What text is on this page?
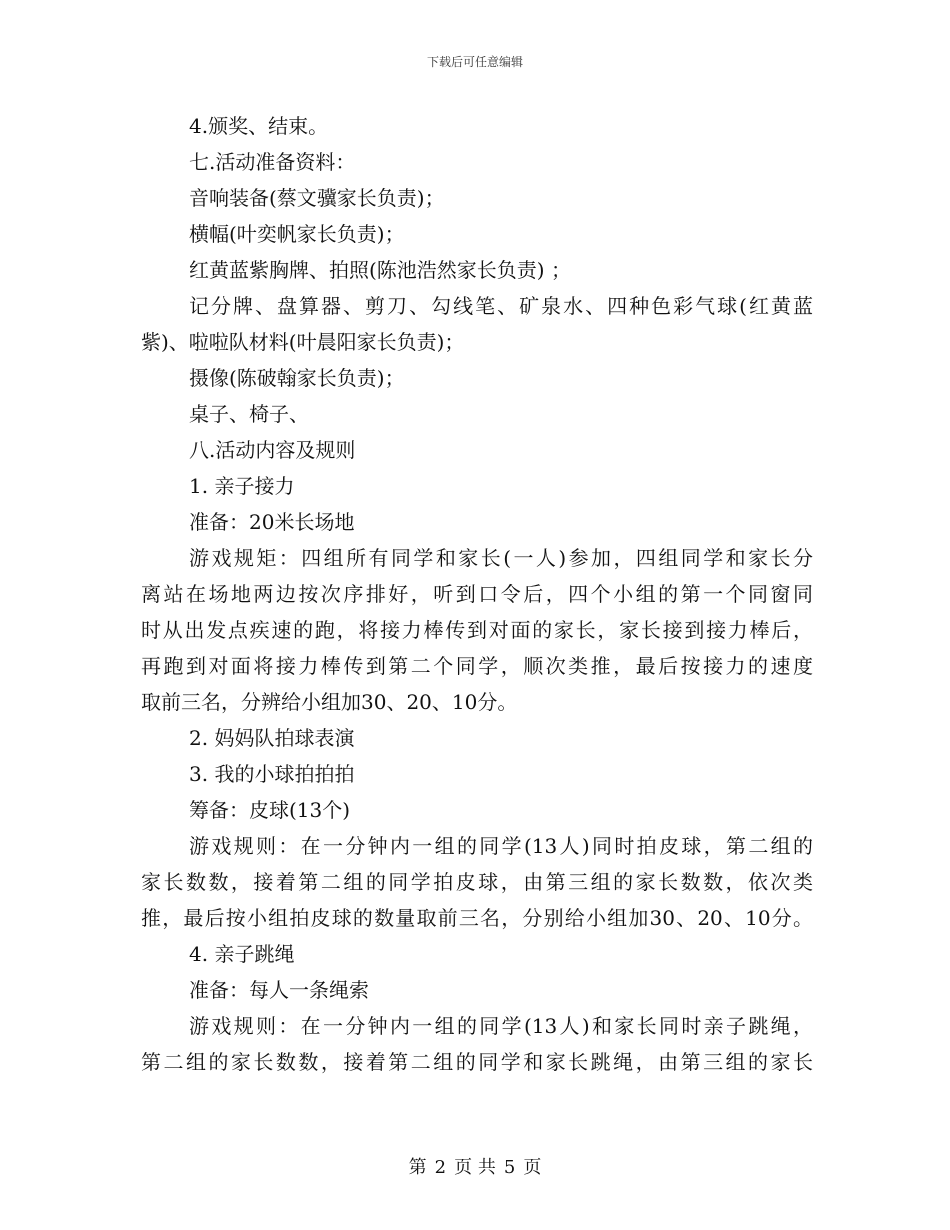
下载后可任意编辑
4.颁奖、结束。
七.活动准备资料：
音响装备(蔡文骥家长负责)；
横幅(叶奕帆家长负责)；
红黄蓝紫胸牌、拍照(陈池浩然家长负责) ；
记分牌、盘算器、剪刀、勾线笔、矿泉水、四种色彩气球(红黄蓝
紫)、啦啦队材料(叶晨阳家长负责)；
摄像(陈破翰家长负责)；
桌子、椅子、
八.活动内容及规则
1. 亲子接力
准备：20米长场地
游戏规矩：四组所有同学和家长(一人)参加，四组同学和家长分
离站在场地两边按次序排好，听到口令后，四个小组的第一个同窗同
时从出发点疾速的跑，将接力棒传到对面的家长，家长接到接力棒后，
再跑到对面将接力棒传到第二个同学，顺次类推，最后按接力的速度
取前三名，分辨给小组加30、20、10分。
2. 妈妈队拍球表演
3. 我的小球拍拍拍
筹备：皮球(13个)
游戏规则：在一分钟内一组的同学(13人)同时拍皮球，第二组的
家长数数，接着第二组的同学拍皮球，由第三组的家长数数，依次类
推，最后按小组拍皮球的数量取前三名，分别给小组加30、20、10分。
4. 亲子跳绳
准备：每人一条绳索
游戏规则：在一分钟内一组的同学(13人)和家长同时亲子跳绳，
第二组的家长数数，接着第二组的同学和家长跳绳，由第三组的家长
第 2 页 共 5 页
